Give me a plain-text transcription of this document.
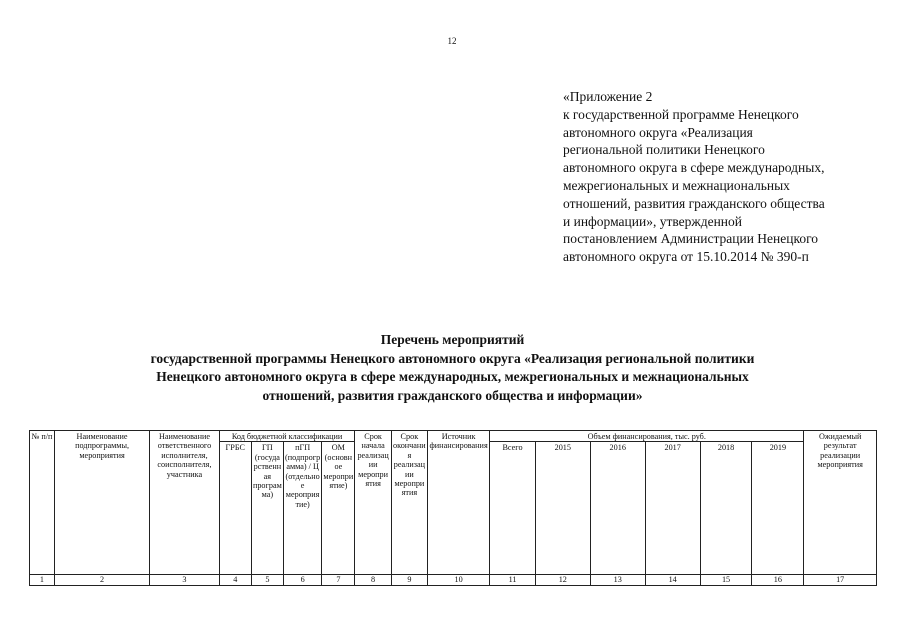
12
«Приложение 2
к государственной программе Ненецкого
автономного округа «Реализация
региональной политики Ненецкого
автономного округа в сфере международных,
межрегиональных и межнациональных
отношений, развития гражданского общества
и информации», утвержденной
постановлением Администрации Ненецкого
автономного округа от 15.10.2014 № 390-п
Перечень мероприятий
государственной программы Ненецкого автономного округа «Реализация региональной политики
Ненецкого автономного округа в сфере международных, межрегиональных и межнациональных
отношений, развития гражданского общества и информации»
№ п/п	Наименование подпрограммы, мероприятия	Наименование ответственного исполнителя, соисполнителя, участника	Код бюджетной классификации				Срок начала реализации мероприятия	Срок окончания реализации мероприятия	Источник финансирования	Объем финансирования, тыс. руб.						Ожидаемый результат реализации мероприятия
			ГРБС	ГП (государственная программа)	пГП (подпрограмма) / Ц (отдельное мероприятие)	ОМ (основное мероприятие)				Всего	2015	2016	2017	2018	2019	
1	2	3	4	5	6	7	8	9	10	11	12	13	14	15	16	17
